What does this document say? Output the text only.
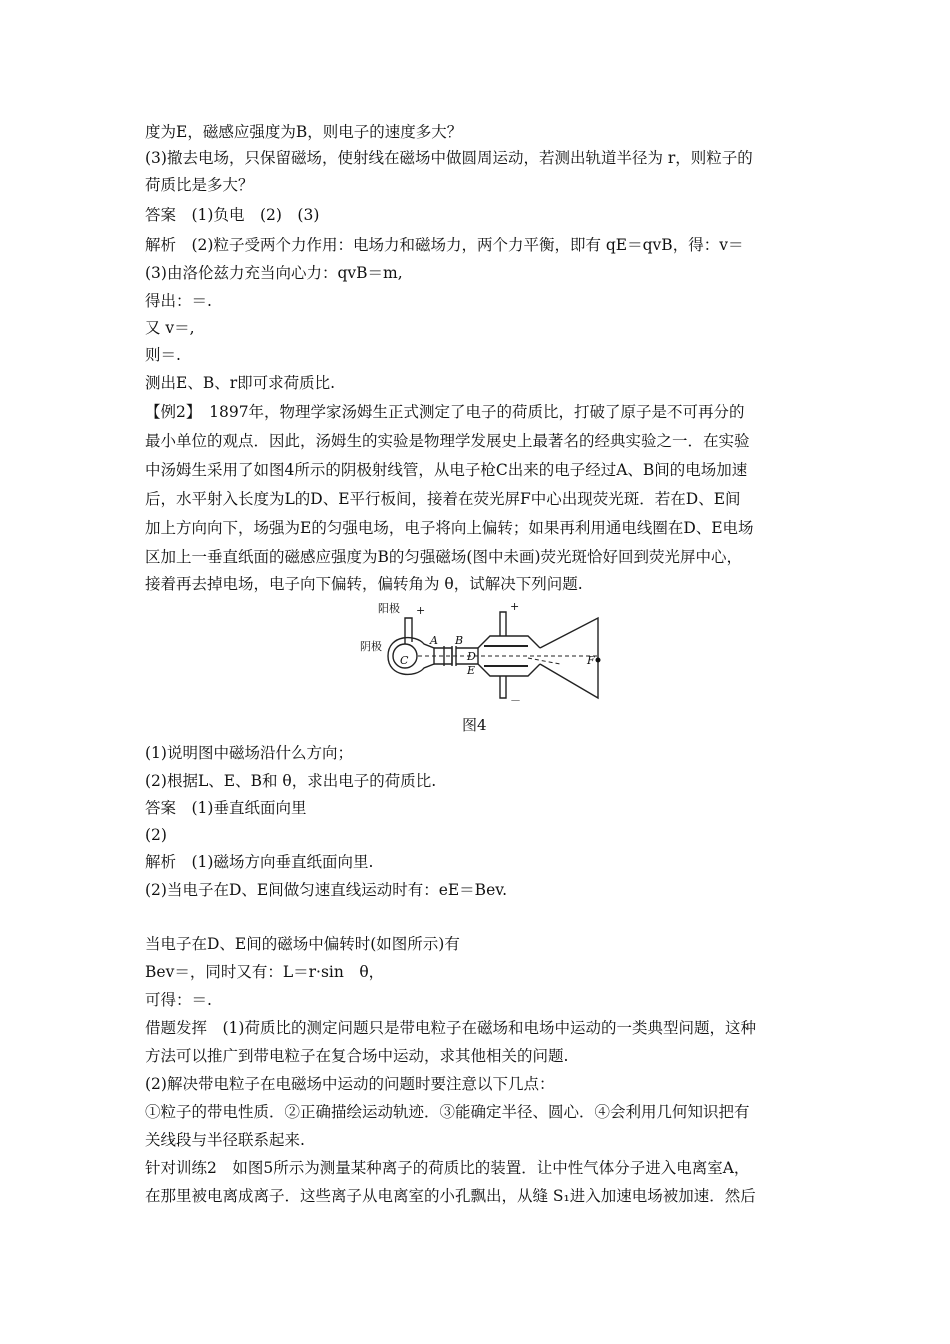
度为E，磁感应强度为B，则电子的速度多大？
(3)撤去电场，只保留磁场，使射线在磁场中做圆周运动，若测出轨道半径为 r，则粒子的
荷质比是多大？
答案　(1)负电　(2)　(3)
解析　(2)粒子受两个力作用：电场力和磁场力，两个力平衡，即有 qE＝qvB，得：v＝
(3)由洛伦兹力充当向心力：qvB＝m,
得出：＝.
又 v＝,
则＝.
测出E、B、r即可求荷质比.
【例2】　1897年，物理学家汤姆生正式测定了电子的荷质比，打破了原子是不可再分的
最小单位的观点．因此，汤姆生的实验是物理学发展史上最著名的经典实验之一．在实验
中汤姆生采用了如图4所示的阴极射线管，从电子枪C出来的电子经过A、B间的电场加速
后，水平射入长度为L的D、E平行板间，接着在荧光屏F中心出现荧光斑．若在D、E间
加上方向向下，场强为E的匀强电场，电子将向上偏转；如果再利用通电线圈在D、E电场
区加上一垂直纸面的磁感应强度为B的匀强磁场(图中未画)荧光斑恰好回到荧光屏中心，
接着再去掉电场，电子向下偏转，偏转角为 θ，试解决下列问题.
阳极 +
阴极
C
A B
D
E
F
+
－
图4
(1)说明图中磁场沿什么方向；
(2)根据L、E、B和 θ，求出电子的荷质比.
答案　(1)垂直纸面向里
(2)
解析　(1)磁场方向垂直纸面向里.
(2)当电子在D、E间做匀速直线运动时有：eE＝Bev.
当电子在D、E间的磁场中偏转时(如图所示)有
Bev＝，同时又有：L＝r·sin　θ，
可得：＝.
借题发挥　(1)荷质比的测定问题只是带电粒子在磁场和电场中运动的一类典型问题，这种
方法可以推广到带电粒子在复合场中运动，求其他相关的问题.
(2)解决带电粒子在电磁场中运动的问题时要注意以下几点：
①粒子的带电性质．②正确描绘运动轨迹．③能确定半径、圆心．④会利用几何知识把有
关线段与半径联系起来.
针对训练2　如图5所示为测量某种离子的荷质比的装置．让中性气体分子进入电离室A，
在那里被电离成离子．这些离子从电离室的小孔飘出，从缝 S₁进入加速电场被加速．然后
